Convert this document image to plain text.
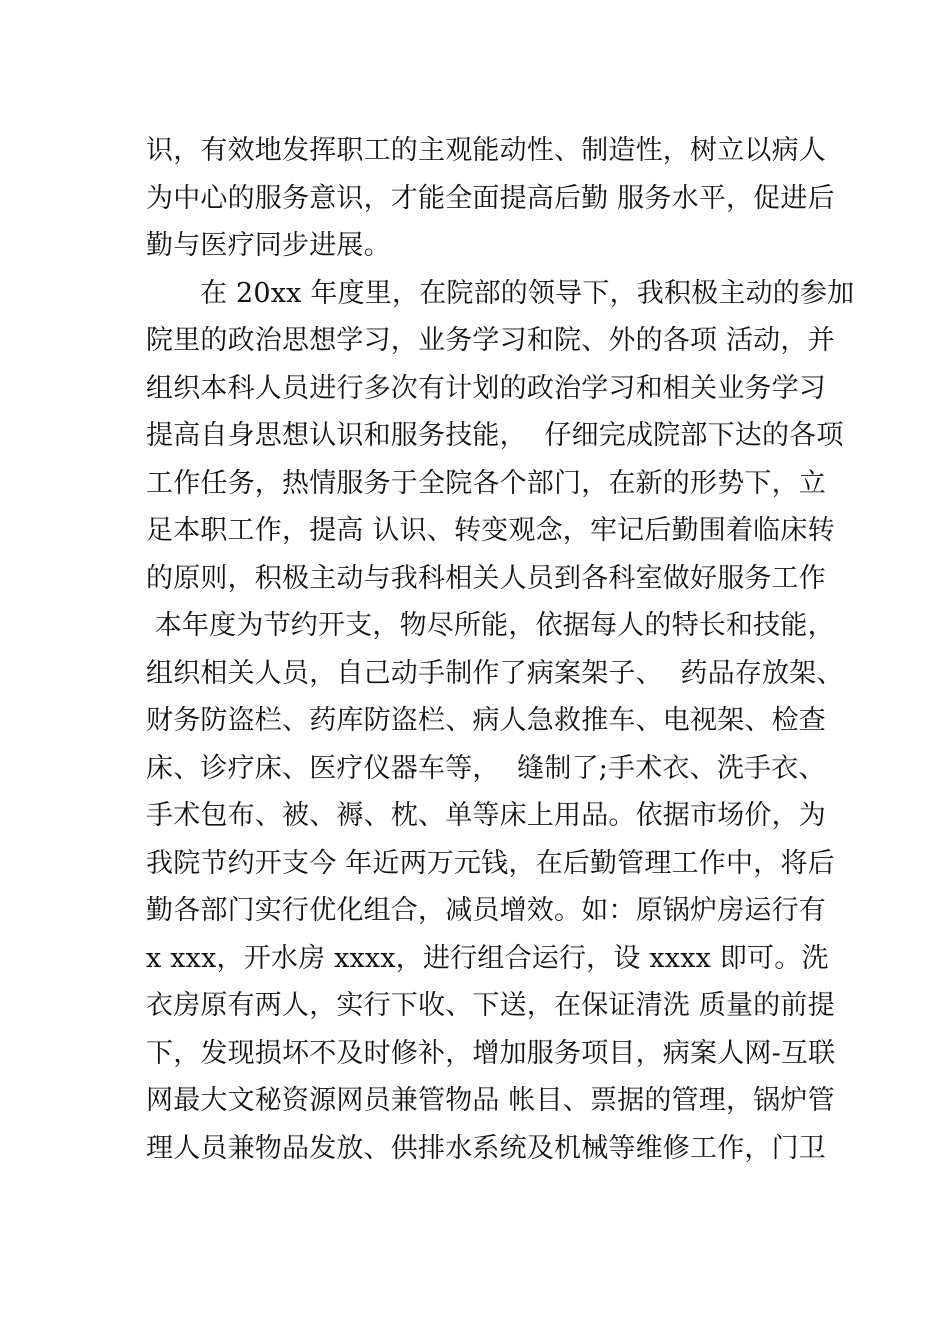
识，有效地发挥职工的主观能动性、制造性，树立以病人
为中心的服务意识，才能全面提高后勤 服务水平，促进后
勤与医疗同步进展。
在 20xx 年度里，在院部的领导下，我积极主动的参加
院里的政治思想学习，业务学习和院、外的各项 活动，并
组织本科人员进行多次有计划的政治学习和相关业务学习
提高自身思想认识和服务技能，  仔细完成院部下达的各项
工作任务，热情服务于全院各个部门，在新的形势下，立
足本职工作，提高 认识、转变观念，牢记后勤围着临床转
的原则，积极主动与我科相关人员到各科室做好服务工作
本年度为节约开支，物尽所能，依据每人的特长和技能，
组织相关人员，自己动手制作了病案架子、  药品存放架、
财务防盗栏、药库防盗栏、病人急救推车、电视架、检查
床、诊疗床、医疗仪器车等，  缝制了;手术衣、洗手衣、
手术包布、被、褥、枕、单等床上用品。依据市场价，为
我院节约开支今 年近两万元钱，在后勤管理工作中，将后
勤各部门实行优化组合，减员增效。如：原锅炉房运行有
x xxx，开水房 xxxx，进行组合运行，设 xxxx 即可。洗
衣房原有两人，实行下收、下送，在保证清洗 质量的前提
下，发现损坏不及时修补，增加服务项目，病案人网-互联
网最大文秘资源网员兼管物品 帐目、票据的管理，锅炉管
理人员兼物品发放、供排水系统及机械等维修工作，门卫
